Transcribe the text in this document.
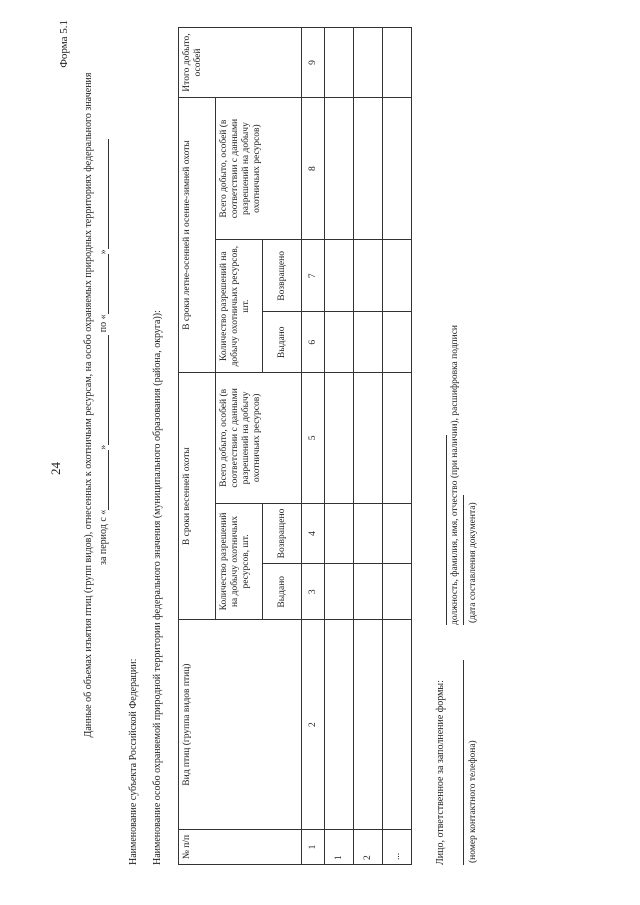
24
Форма 5.1
Данные об объемах изъятия птиц (групп видов), отнесенных к охотничьим ресурсам, на особо охраняемых природных территориях федерального значения за период с «» по «»
Наименование субъекта Российской Федерации: Наименование особо охраняемой природной территории федерального значения (муниципального образования (района, округа)): № п/п	Вид птиц (группа видов птиц)	В сроки весенней охоты			В сроки летне-осенней и осенне-зимней охоты			Итого добыто, особей
		Количество разрешений на добычу охотничьих ресурсов, шт.		Всего добыто, особей (в соответствии с данными разрешений на добычу охотничьих ресурсов)	Количество разрешений на добычу охотничьих ресурсов, шт.		Всего добыто, особей (в соответствии с данными разрешений на добычу охотничьих ресурсов)	
		Выдано	Возвращено		Выдано	Возвращено		
1	2	3	4	5	6	7	8	9
1								
2								
...									Лицо, ответственное за заполнение формы:
должность, фамилия, имя, отчество (при наличии), расшифровка подписи (дата составления документа)
(номер контактного телефона)
